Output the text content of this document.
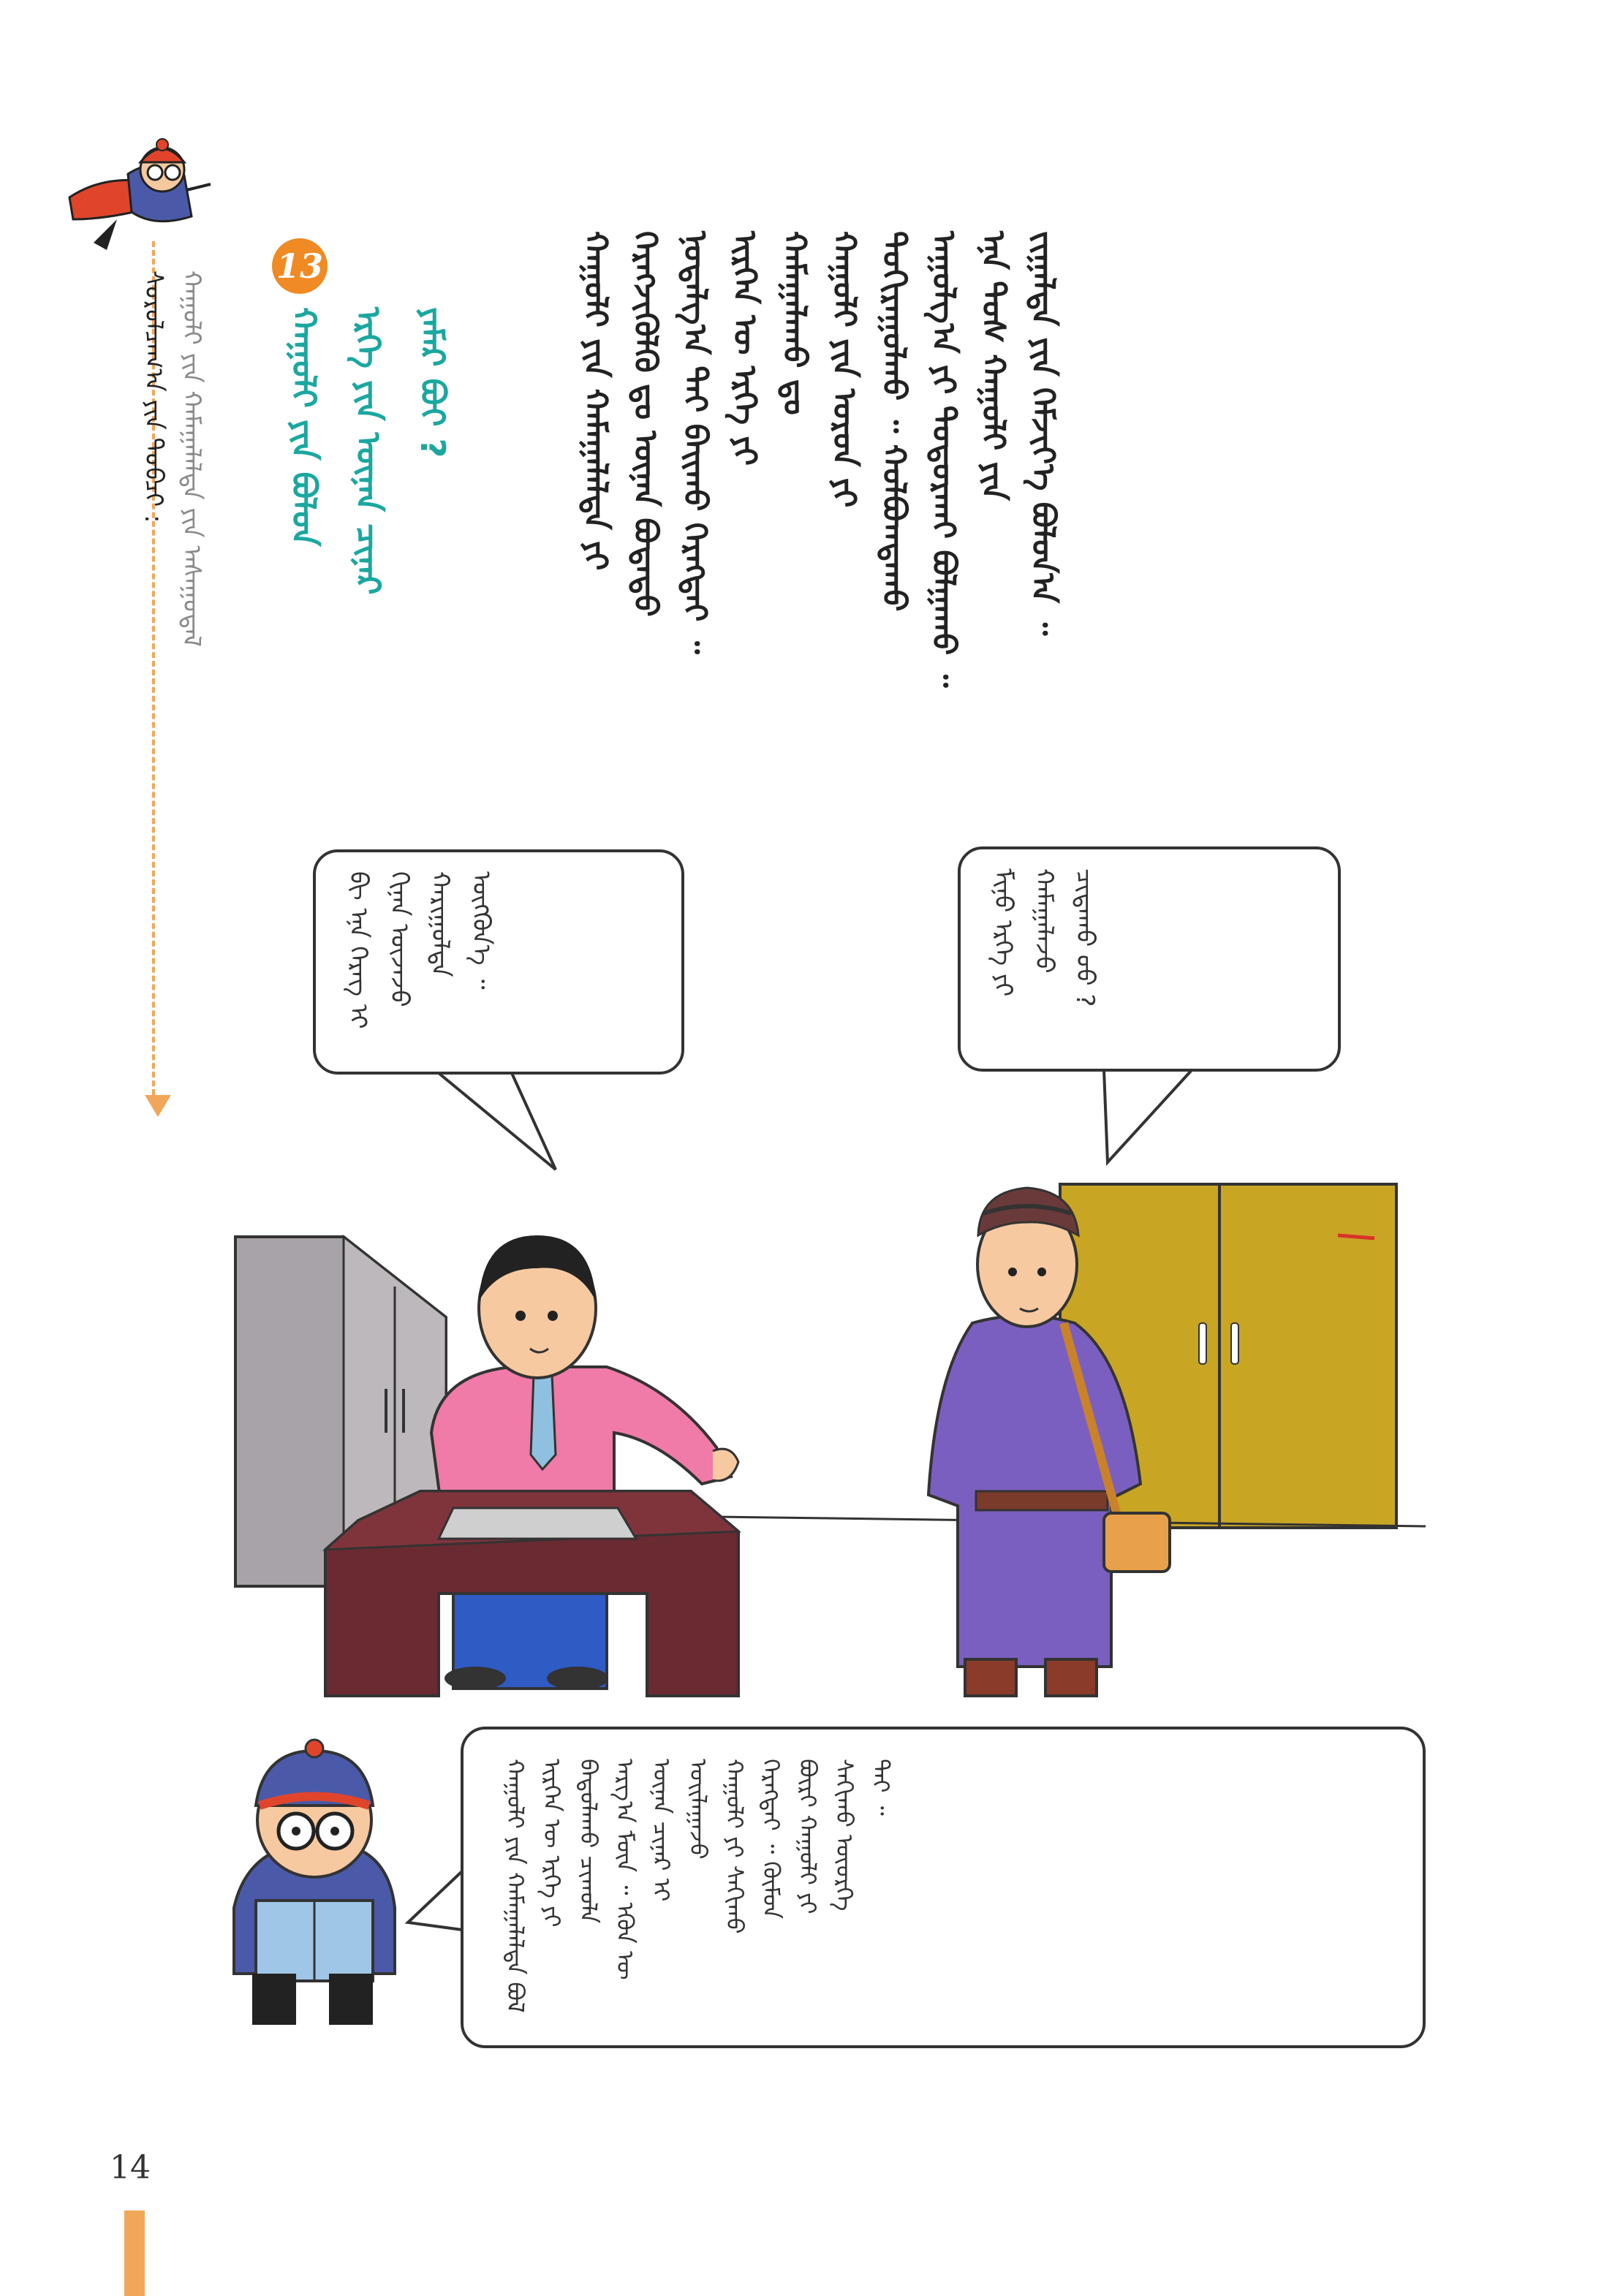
ᠰᠤᠷᠤᠯᠴᠠᠭ᠎ᠠ ᠶᠢᠨ ᠲᠣᠪᠴᠢ : ᠬᠠᠭᠤᠯᠢ ᠶᠢᠨ ᠬᠠᠮᠠᠭᠠᠯᠠᠯᠲᠠ ᠶᠢᠨ ᠠᠰᠠᠭᠤᠳᠠᠯ

13
ᠬᠠᠭᠤᠯᠢ ᠶᠢᠨ ᠪᠣᠯᠣᠨ
ᠡᠷᠬᠡ ᠶᠢᠨ ᠦᠨᠡᠨ ᠴᠢᠨᠠᠷ
ᠶᠠᠮᠠᠷ ᠪᠤᠢ ?
ᠬᠠᠭᠤᠯᠢ ᠶᠢᠨ ᠬᠠᠮᠠᠭᠠᠯᠠᠯᠲᠠ ᠶᠢ
ᠬᠡᠷᠡᠭᠵᠢᠭᠦᠯᠬᠦ ᠳᠤ ᠦᠨᠡᠨ ᠪᠣᠳᠠᠲᠤ
ᠨᠣᠲᠠᠯᠭ᠎ᠠ ᠲᠠᠢ ᠪᠠᠢᠬᠤ ᠬᠡᠷᠡᠭᠲᠡᠢ ᠃
ᠢᠷᠭᠡᠨ ᠦ ᠡᠷᠬᠡ ᠶᠢ
ᠬᠠᠮᠠᠭᠠᠯᠠᠬᠤ ᠳᠤ
ᠬᠠᠭᠤᠯᠢ ᠶᠢᠨ ᠣᠷᠣᠨ ᠶᠢ
ᠲᠣᠬᠢᠷᠠᠭᠤᠯᠬᠤ ᠃ ᠬᠣᠯᠪᠣᠭᠳᠠᠬᠤ
ᠠᠭᠤᠯᠭ᠎ᠠ ᠶᠢ ᠲᠣᠳᠣᠷᠬᠠᠢ ᠪᠣᠯᠭᠠᠬᠤ ᠃
ᠡᠨᠡ ᠲᠤᠰ ᠬᠠᠭᠤᠯᠢ ᠶᠢᠨ
ᠵᠢᠭᠠᠯᠲᠠ ᠶᠢᠨ ᠬᠡᠮᠵᠢᠶ᠎ᠡ ᠪᠣᠯᠤᠨ᠎ᠠ ᠃
ᠪᠢ ᠡᠨᠡ ᠬᠡᠷᠡᠭ ᠢ
ᠬᠢᠨᠠᠨ ᠦᠵᠡᠵᠦ
ᠬᠠᠷᠢᠭᠤᠯᠲᠠ
ᠥᠭᠭᠦᠨ᠎ᠡ ᠃
ᠮᠢᠨᠤ ᠡᠷᠬᠡ ᠶᠢ
ᠬᠠᠮᠠᠭᠠᠯᠠᠵᠤ
ᠴᠢᠳᠠᠬᠤ ᠤᠤ ?
ᠬᠠᠭᠤᠯᠢ ᠶᠢᠨ ᠬᠠᠮᠠᠭᠠᠯᠠᠯᠲᠠ ᠪᠣᠯ
ᠢᠷᠭᠡᠨ ᠦ ᠡᠷᠬᠡ ᠶᠢ
ᠪᠠᠲᠤᠯᠠᠬᠤ ᠴᠢᠬᠤᠯᠠ
ᠠᠷᠭ᠎ᠠ ᠮᠥᠨ ᠃ ᠡᠭᠦᠨ ᠦ
ᠦᠨᠡᠨ ᠴᠢᠨᠠᠷ ᠢ
ᠣᠢᠯᠠᠭᠠᠵᠤ
ᠬᠠᠭᠤᠯᠢ ᠶᠢ ᠰᠠᠬᠢᠬᠤ
ᠬᠡᠷᠡᠭᠲᠡᠢ ᠃ ᠬᠦᠮᠦᠨ
ᠪᠦᠷᠢ ᠬᠠᠭᠤᠯᠢ ᠶᠢ
ᠰᠠᠬᠢᠬᠤ ᠦᠦᠷᠭᠡ
ᠲᠠᠢ ᠃
14
